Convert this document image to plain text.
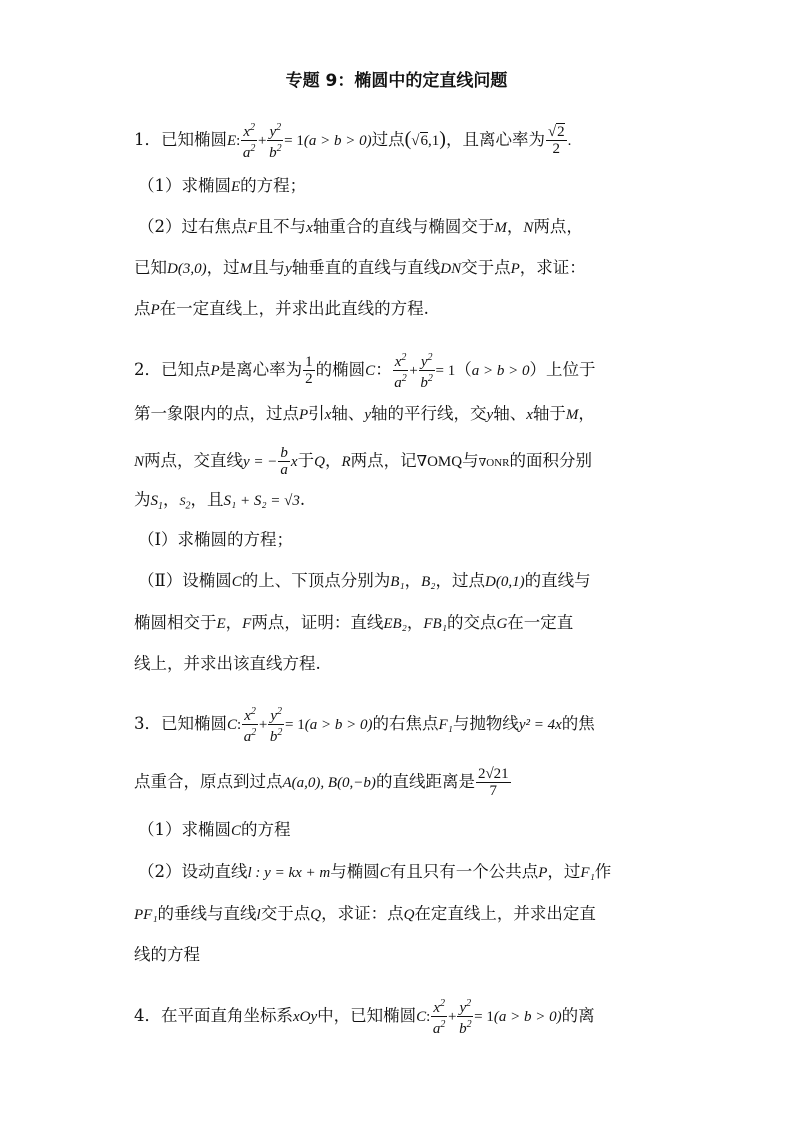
专题 9：椭圆中的定直线问题
1．已知椭圆E: $\frac{x^2}{a^2} + \frac{y^2}{b^2} = 1(a > b > 0)$过点(√6,1)，且离心率为 $\frac{√2}{2}$ .
（1）求椭圆E的方程；
（2）过右焦点F且不与x轴重合的直线与椭圆交于M，N两点，
已知D(3,0)，过M且与y轴垂直的直线与直线DN交于点P，求证：
点P在一定直线上，并求出此直线的方程.
2．已知点P是离心率为 $\frac{1}{2}$ 的椭圆C： $\frac{x^2}{a^2} + \frac{y^2}{b^2} = 1(a > b > 0)$上位于
第一象限内的点，过点P引x轴、y轴的平行线，交y轴、x轴于M，
N两点，交直线y = − $\frac{b}{a}$ x于Q，R两点，记∇OMQ与∇ONR的面积分别
为$S_1$，$S_2$，且S₁ + S₂ = √3.
（Ⅰ）求椭圆的方程；
（Ⅱ）设椭圆C的上、下顶点分别为B₁，B₂，过点D(0,1)的直线与
椭圆相交于E，F两点，证明：直线EB₂，FB₁的交点G在一定直
线上，并求出该直线方程.
3．已知椭圆C: $\frac{x^2}{a^2} + \frac{y^2}{b^2} = 1(a > b > 0)$的右焦点F₁与抛物线y² = 4x的焦
点重合，原点到过点A(a,0), B(0,−b)的直线距离是 $\frac{2√21}{7}$
（1）求椭圆C的方程
（2）设动直线l : y = kx + m与椭圆C有且只有一个公共点P，过F₁作
PF₁的垂线与直线l交于点Q，求证：点Q在定直线上，并求出定直
线的方程
4．在平面直角坐标系xOy中，已知椭圆C: $\frac{x^2}{a^2} + \frac{y^2}{b^2} = 1(a > b > 0)$的离
